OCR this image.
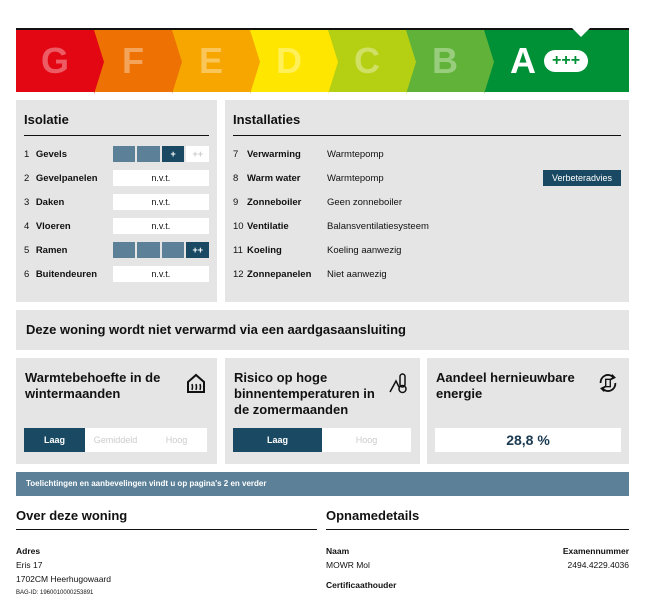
G F E D C B A	+++
Isolatie
1 Gevels	+	++
2 Gevelpanelen	n.v.t.
3 Daken	n.v.t.
4 Vloeren	n.v.t.
5 Ramen	++
6 Buitendeuren	n.v.t.
Installaties
7 Verwarming	Warmtepomp
8 Warm water	Warmtepomp	Verbeteradvies
9 Zonneboiler	Geen zonneboiler
10 Ventilatie	Balansventilatiesysteem
11 Koeling	Koeling aanwezig
12 Zonnepanelen	Niet aanwezig
Deze woning wordt niet verwarmd via een aardgasaansluiting
Warmtebehoefte in de wintermaanden
Laag	Gemiddeld	Hoog
Risico op hoge binnentemperaturen in de zomermaanden
Laag	Hoog
Aandeel hernieuwbare energie
28,8 %
Toelichtingen en aanbevelingen vindt u op pagina's 2 en verder
Over deze woning
Adres
Eris 17
1702CM Heerhugowaard
BAG-ID: 1960010000253891
Opnamedetails
Naam
MOWR Mol
Examennummer
2494.4229.4036
Certificaathouder
